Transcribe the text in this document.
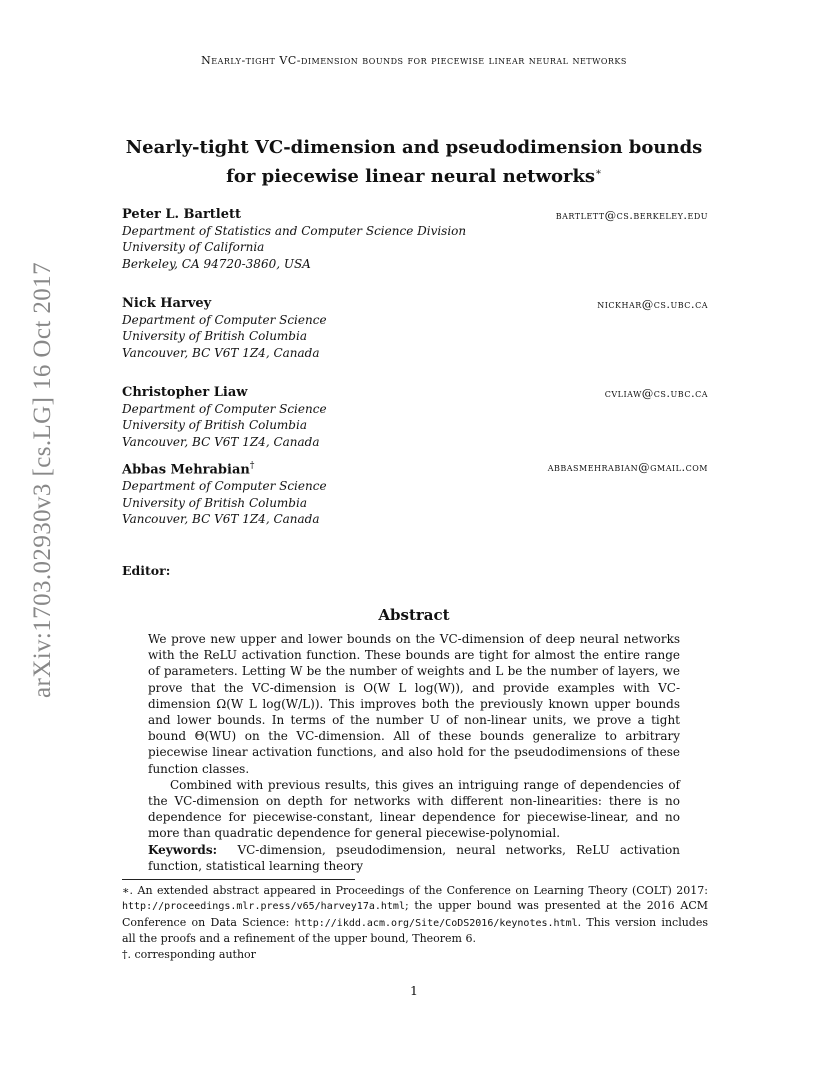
Nearly-tight VC-dimension bounds for piecewise linear neural networks
arXiv:1703.02930v3 [cs.LG] 16 Oct 2017
Nearly-tight VC-dimension and pseudodimension bounds
for piecewise linear neural networks∗
Peter L. Bartlett	bartlett@cs.berkeley.edu
Department of Statistics and Computer Science Division
University of California
Berkeley, CA 94720-3860, USA
Nick Harvey	nickhar@cs.ubc.ca
Department of Computer Science
University of British Columbia
Vancouver, BC V6T 1Z4, Canada
Christopher Liaw	cvliaw@cs.ubc.ca
Department of Computer Science
University of British Columbia
Vancouver, BC V6T 1Z4, Canada
Abbas Mehrabian†	abbasmehrabian@gmail.com
Department of Computer Science
University of British Columbia
Vancouver, BC V6T 1Z4, Canada
Editor:
Abstract

We prove new upper and lower bounds on the VC-dimension of deep neural networks with the ReLU activation function. These bounds are tight for almost the entire range of parameters. Letting W be the number of weights and L be the number of layers, we prove that the VC-dimension is O(W L log(W)), and provide examples with VC-dimension Ω(W L log(W/L)). This improves both the previously known upper bounds and lower bounds. In terms of the number U of non-linear units, we prove a tight bound Θ(WU) on the VC-dimension. All of these bounds generalize to arbitrary piecewise linear activation functions, and also hold for the pseudodimensions of these function classes.

Combined with previous results, this gives an intriguing range of dependencies of the VC-dimension on depth for networks with different non-linearities: there is no dependence for piecewise-constant, linear dependence for piecewise-linear, and no more than quadratic dependence for general piecewise-polynomial.

Keywords: VC-dimension, pseudodimension, neural networks, ReLU activation function, statistical learning theory

∗. An extended abstract appeared in Proceedings of the Conference on Learning Theory (COLT) 2017: http://proceedings.mlr.press/v65/harvey17a.html; the upper bound was presented at the 2016 ACM Conference on Data Science: http://ikdd.acm.org/Site/CoDS2016/keynotes.html. This version includes all the proofs and a refinement of the upper bound, Theorem 6.

†. corresponding author

1
